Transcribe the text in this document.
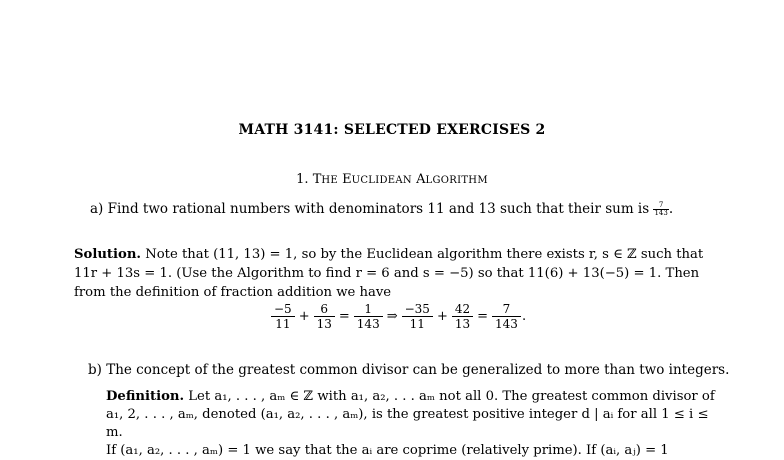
MATH 3141: SELECTED EXERCISES 2
1. THE EUCLIDEAN ALGORITHM
a) Find two rational numbers with denominators 11 and 13 such that their sum is $\frac{7}{143}$ .
Solution. Note that (11, 13) = 1, so by the Euclidean algorithm there exists r, s ∈ ℤ such that
11r + 13s = 1. (Use the Algorithm to find r = 6 and s = −5) so that 11(6) + 13(−5) = 1. Then
from the definition of fraction addition we have
$\frac{-5}{11} + \frac{6}{13} = \frac{1}{143}$ ⇒ $\frac{-35}{11} + \frac{42}{13} = \frac{7}{143}$ .
b) The concept of the greatest common divisor can be generalized to more than two integers.
Definition. Let a₁, . . . , aₘ ∈ ℤ with a₁, a₂, . . . aₘ not all 0. The greatest common divisor of
a₁, 2, . . . , aₘ, denoted (a₁, a₂, . . . , aₘ), is the greatest positive integer d | aᵢ for all 1 ≤ i ≤ m.
If (a₁, a₂, . . . , aₘ) = 1 we say that the aᵢ are coprime (relatively prime). If (aᵢ, aⱼ) = 1
